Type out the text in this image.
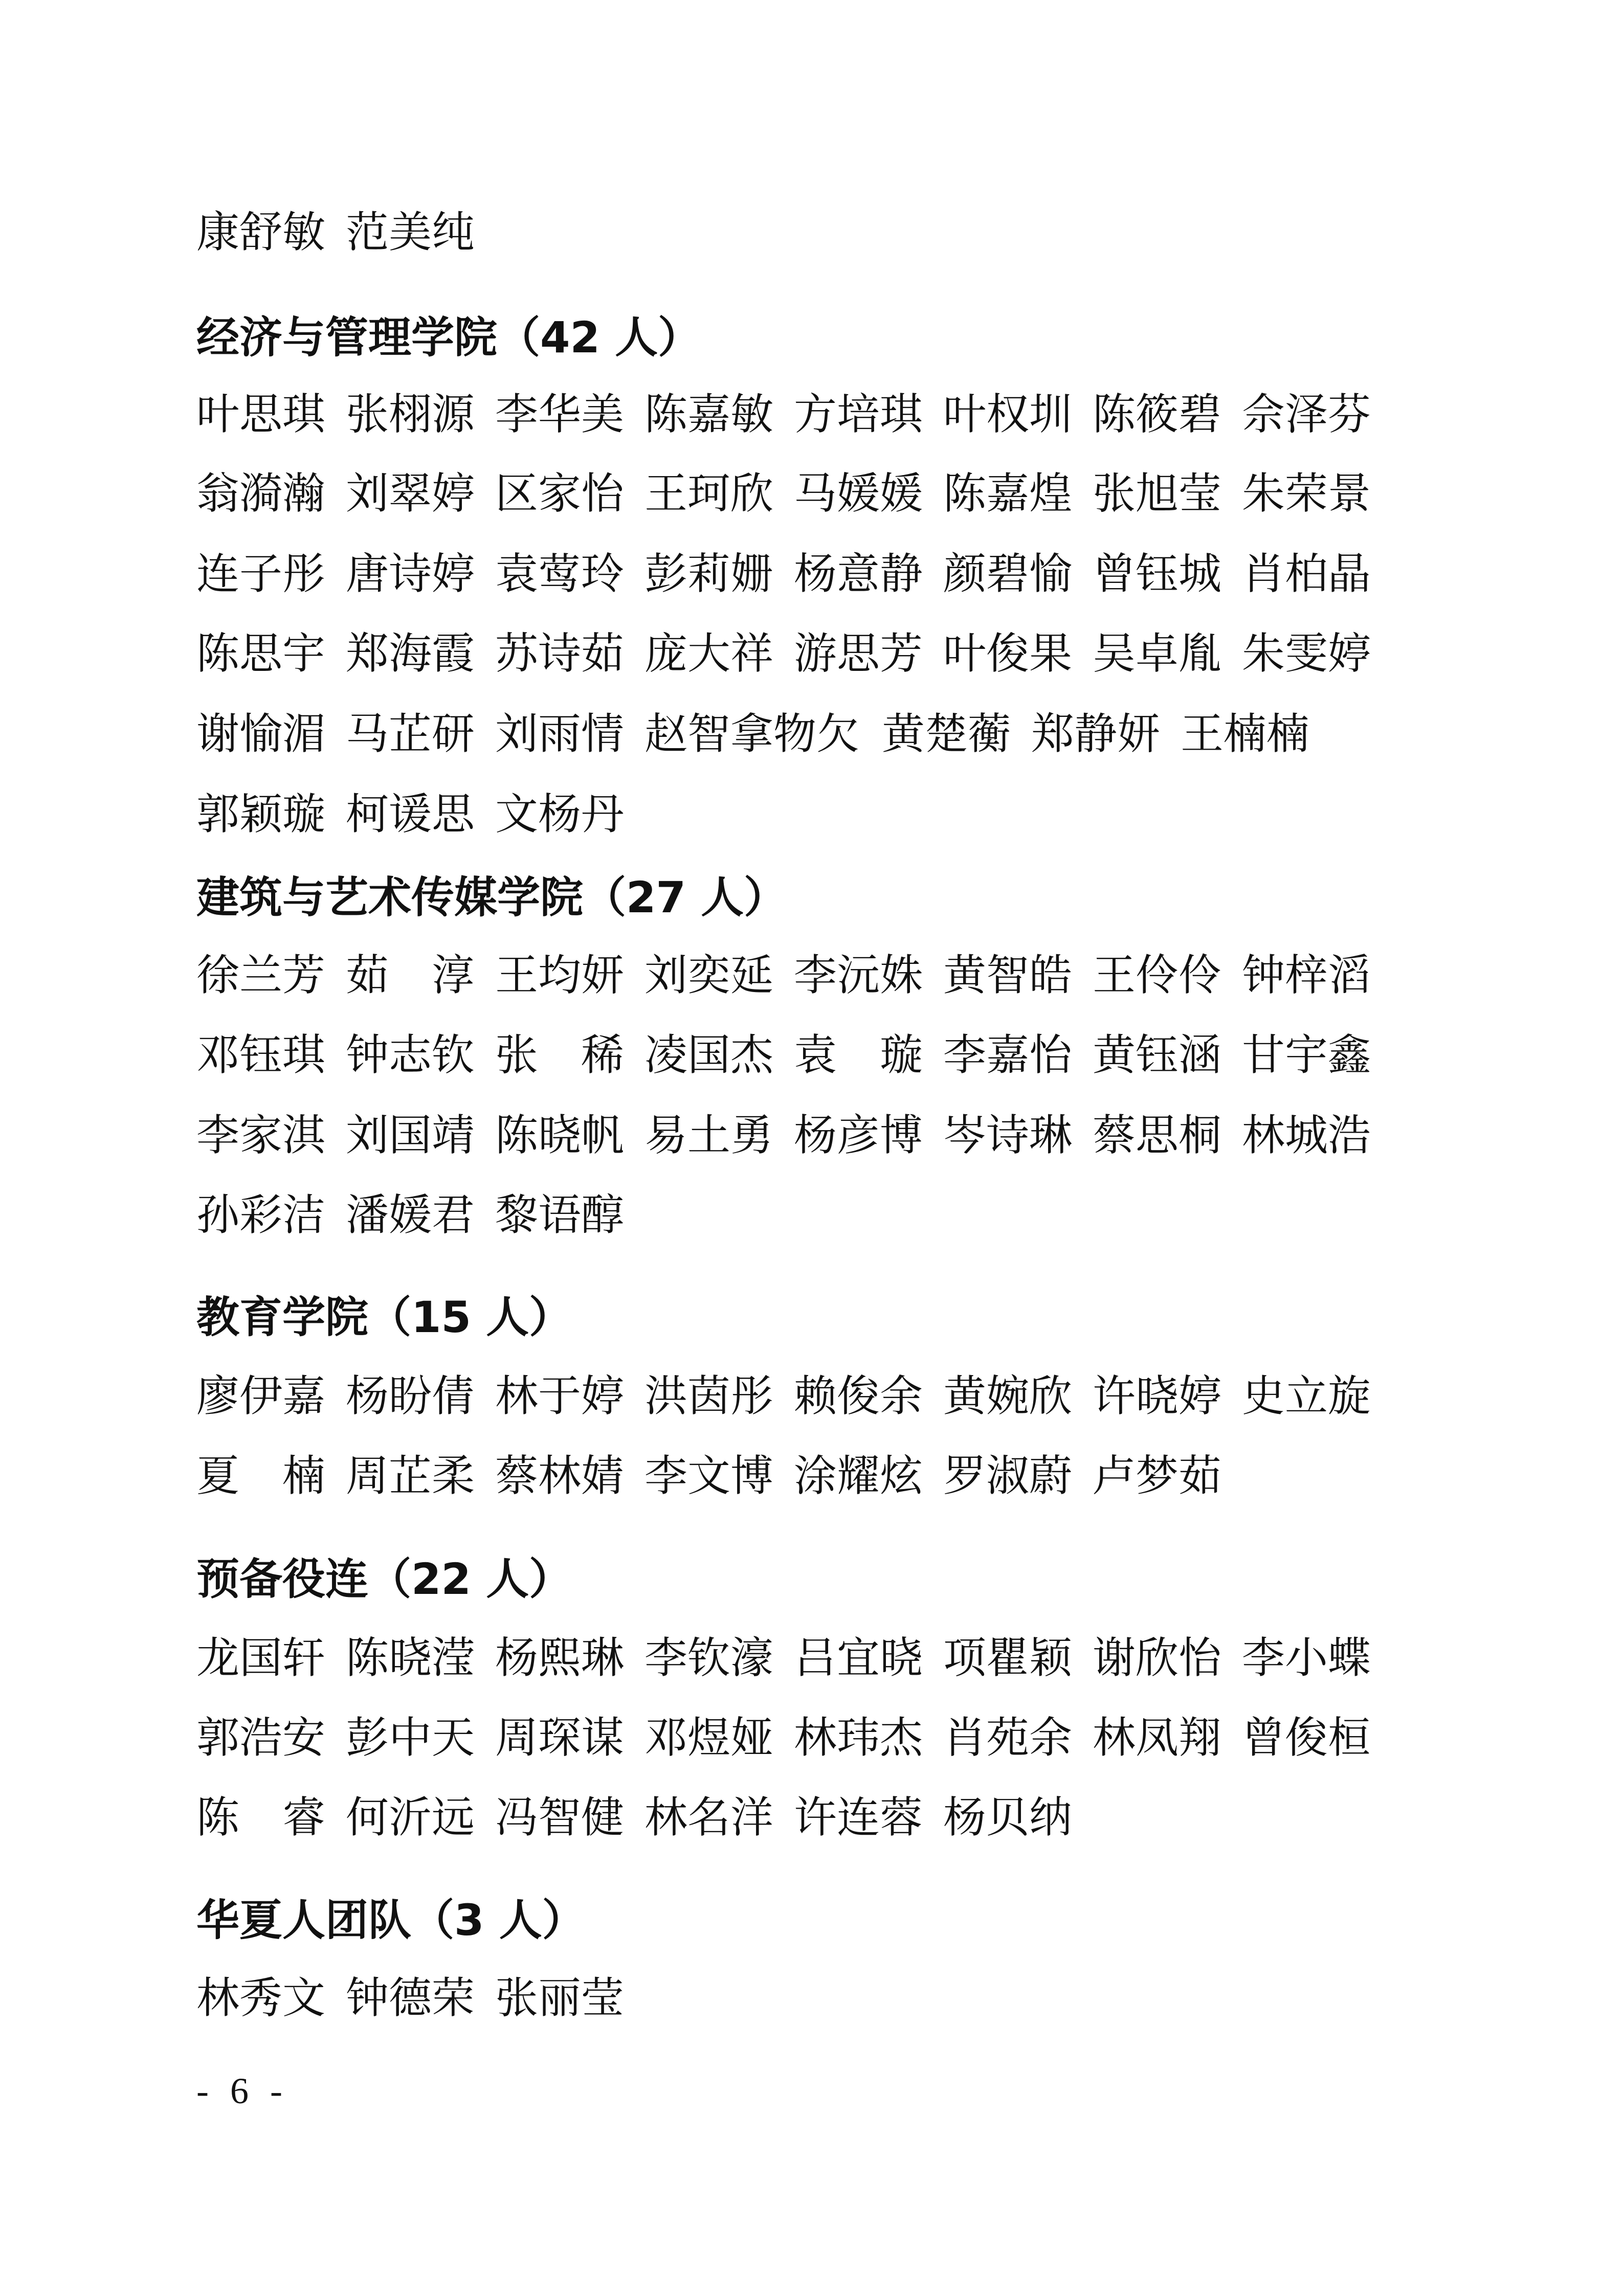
康舒敏 范美纯
经济与管理学院（42 人）
叶思琪 张栩源 李华美 陈嘉敏 方培琪 叶权圳 陈筱碧 佘泽芬
翁漪瀚 刘翠婷 区家怡 王珂欣 马媛媛 陈嘉煌 张旭莹 朱荣景
连子彤 唐诗婷 袁莺玲 彭莉姗 杨意静 颜碧愉 曾钰城 肖柏晶
陈思宇 郑海霞 苏诗茹 庞大祥 游思芳 叶俊果 吴卓胤 朱雯婷
谢愉湄 马芷研 刘雨情 赵智拿物欠 黄楚蘅 郑静妍 王楠楠
郭颖璇 柯谖思 文杨丹
建筑与艺术传媒学院（27 人）
徐兰芳 茹　淳 王均妍 刘奕延 李沅姝 黄智皓 王伶伶 钟梓滔
邓钰琪 钟志钦 张　稀 凌国杰 袁　璇 李嘉怡 黄钰涵 甘宇鑫
李家淇 刘国靖 陈晓帆 易土勇 杨彦博 岑诗琳 蔡思桐 林城浩
孙彩洁 潘媛君 黎语醇
教育学院（15 人）
廖伊嘉 杨盼倩 林于婷 洪茵彤 赖俊余 黄婉欣 许晓婷 史立旋
夏　楠 周芷柔 蔡林婧 李文博 涂耀炫 罗淑蔚 卢梦茹
预备役连（22 人）
龙国轩 陈晓滢 杨熙琳 李钦濠 吕宜晓 项瞿颖 谢欣怡 李小蝶
郭浩安 彭中天 周琛谋 邓煜娅 林玮杰 肖苑余 林凤翔 曾俊桓
陈　睿 何沂远 冯智健 林名洋 许连蓉 杨贝纳
华夏人团队（3 人）
林秀文 钟德荣 张丽莹
- 6 -
